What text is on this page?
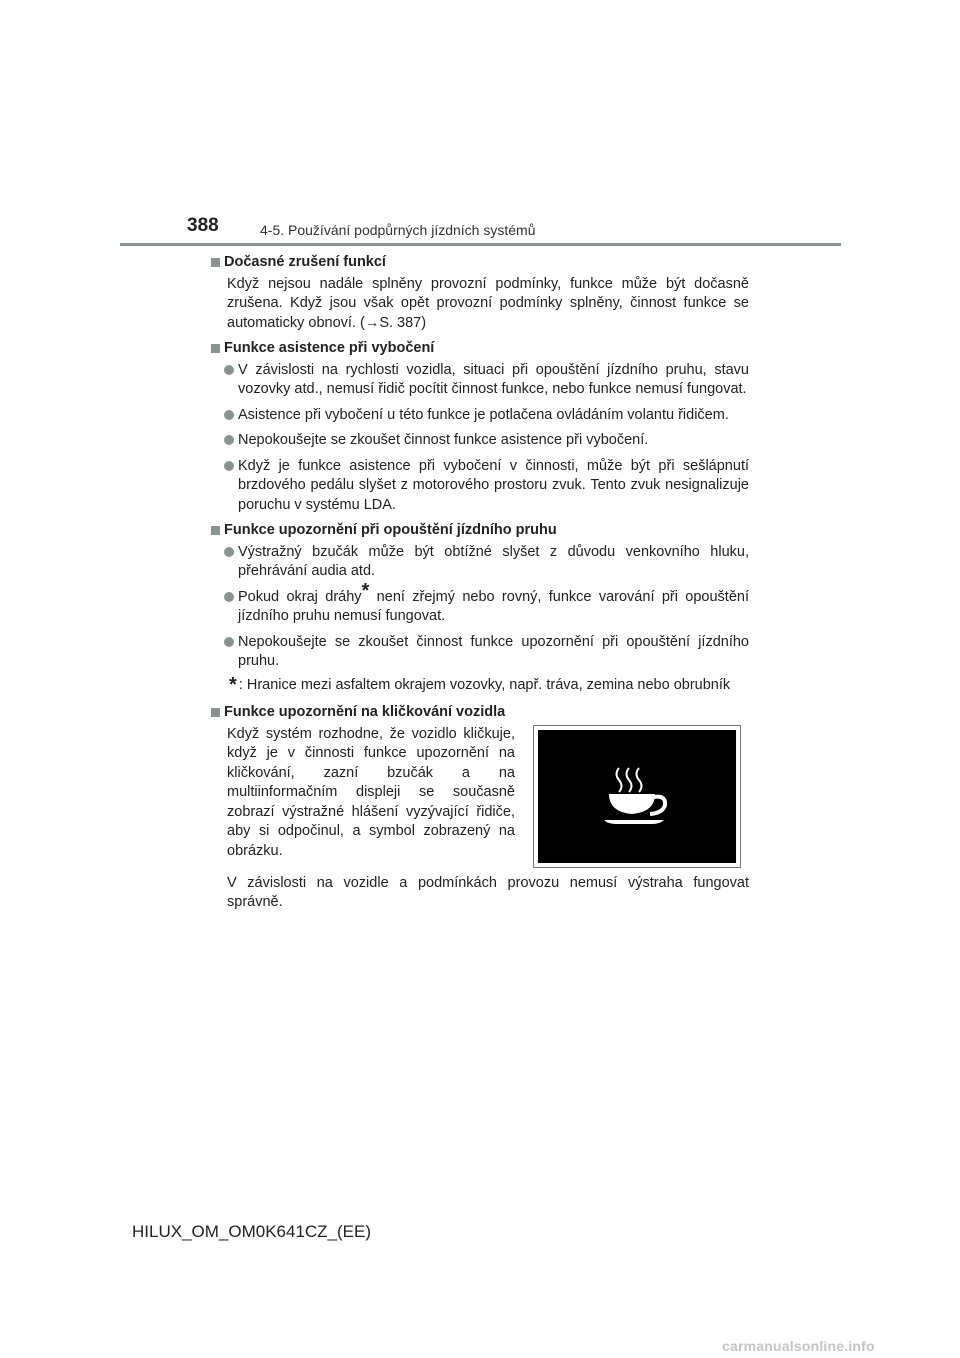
388	4-5. Používání podpůrných jízdních systémů
Dočasné zrušení funkcí
Když nejsou nadále splněny provozní podmínky, funkce může být dočasně zrušena. Když jsou však opět provozní podmínky splněny, činnost funkce se automaticky obnoví. (→S. 387)
Funkce asistence při vybočení
V závislosti na rychlosti vozidla, situaci při opouštění jízdního pruhu, stavu vozovky atd., nemusí řidič pocítit činnost funkce, nebo funkce nemusí fungovat.
Asistence při vybočení u této funkce je potlačena ovládáním volantu řidičem.
Nepokoušejte se zkoušet činnost funkce asistence při vybočení.
Když je funkce asistence při vybočení v činnosti, může být při sešlápnutí brzdového pedálu slyšet z motorového prostoru zvuk. Tento zvuk nesignalizuje poruchu v systému LDA.
Funkce upozornění při opouštění jízdního pruhu
Výstražný bzučák může být obtížné slyšet z důvodu venkovního hluku, přehrávání audia atd.
Pokud okraj dráhy* není zřejmý nebo rovný, funkce varování při opouštění jízdního pruhu nemusí fungovat.
Nepokoušejte se zkoušet činnost funkce upozornění při opouštění jízdního pruhu.
* : Hranice mezi asfaltem okrajem vozovky, např. tráva, zemina nebo obrubník
Funkce upozornění na kličkování vozidla
Když systém rozhodne, že vozidlo kličkuje, když je v činnosti funkce upozornění na kličkování, zazní bzučák a na multiinformačním displeji se současně zobrazí výstražné hlášení vyzývající řidiče, aby si odpočinul, a symbol zobrazený na obrázku.
V závislosti na vozidle a podmínkách provozu nemusí výstraha fungovat správně.
HILUX_OM_OM0K641CZ_(EE)
carmanualsonline.info
